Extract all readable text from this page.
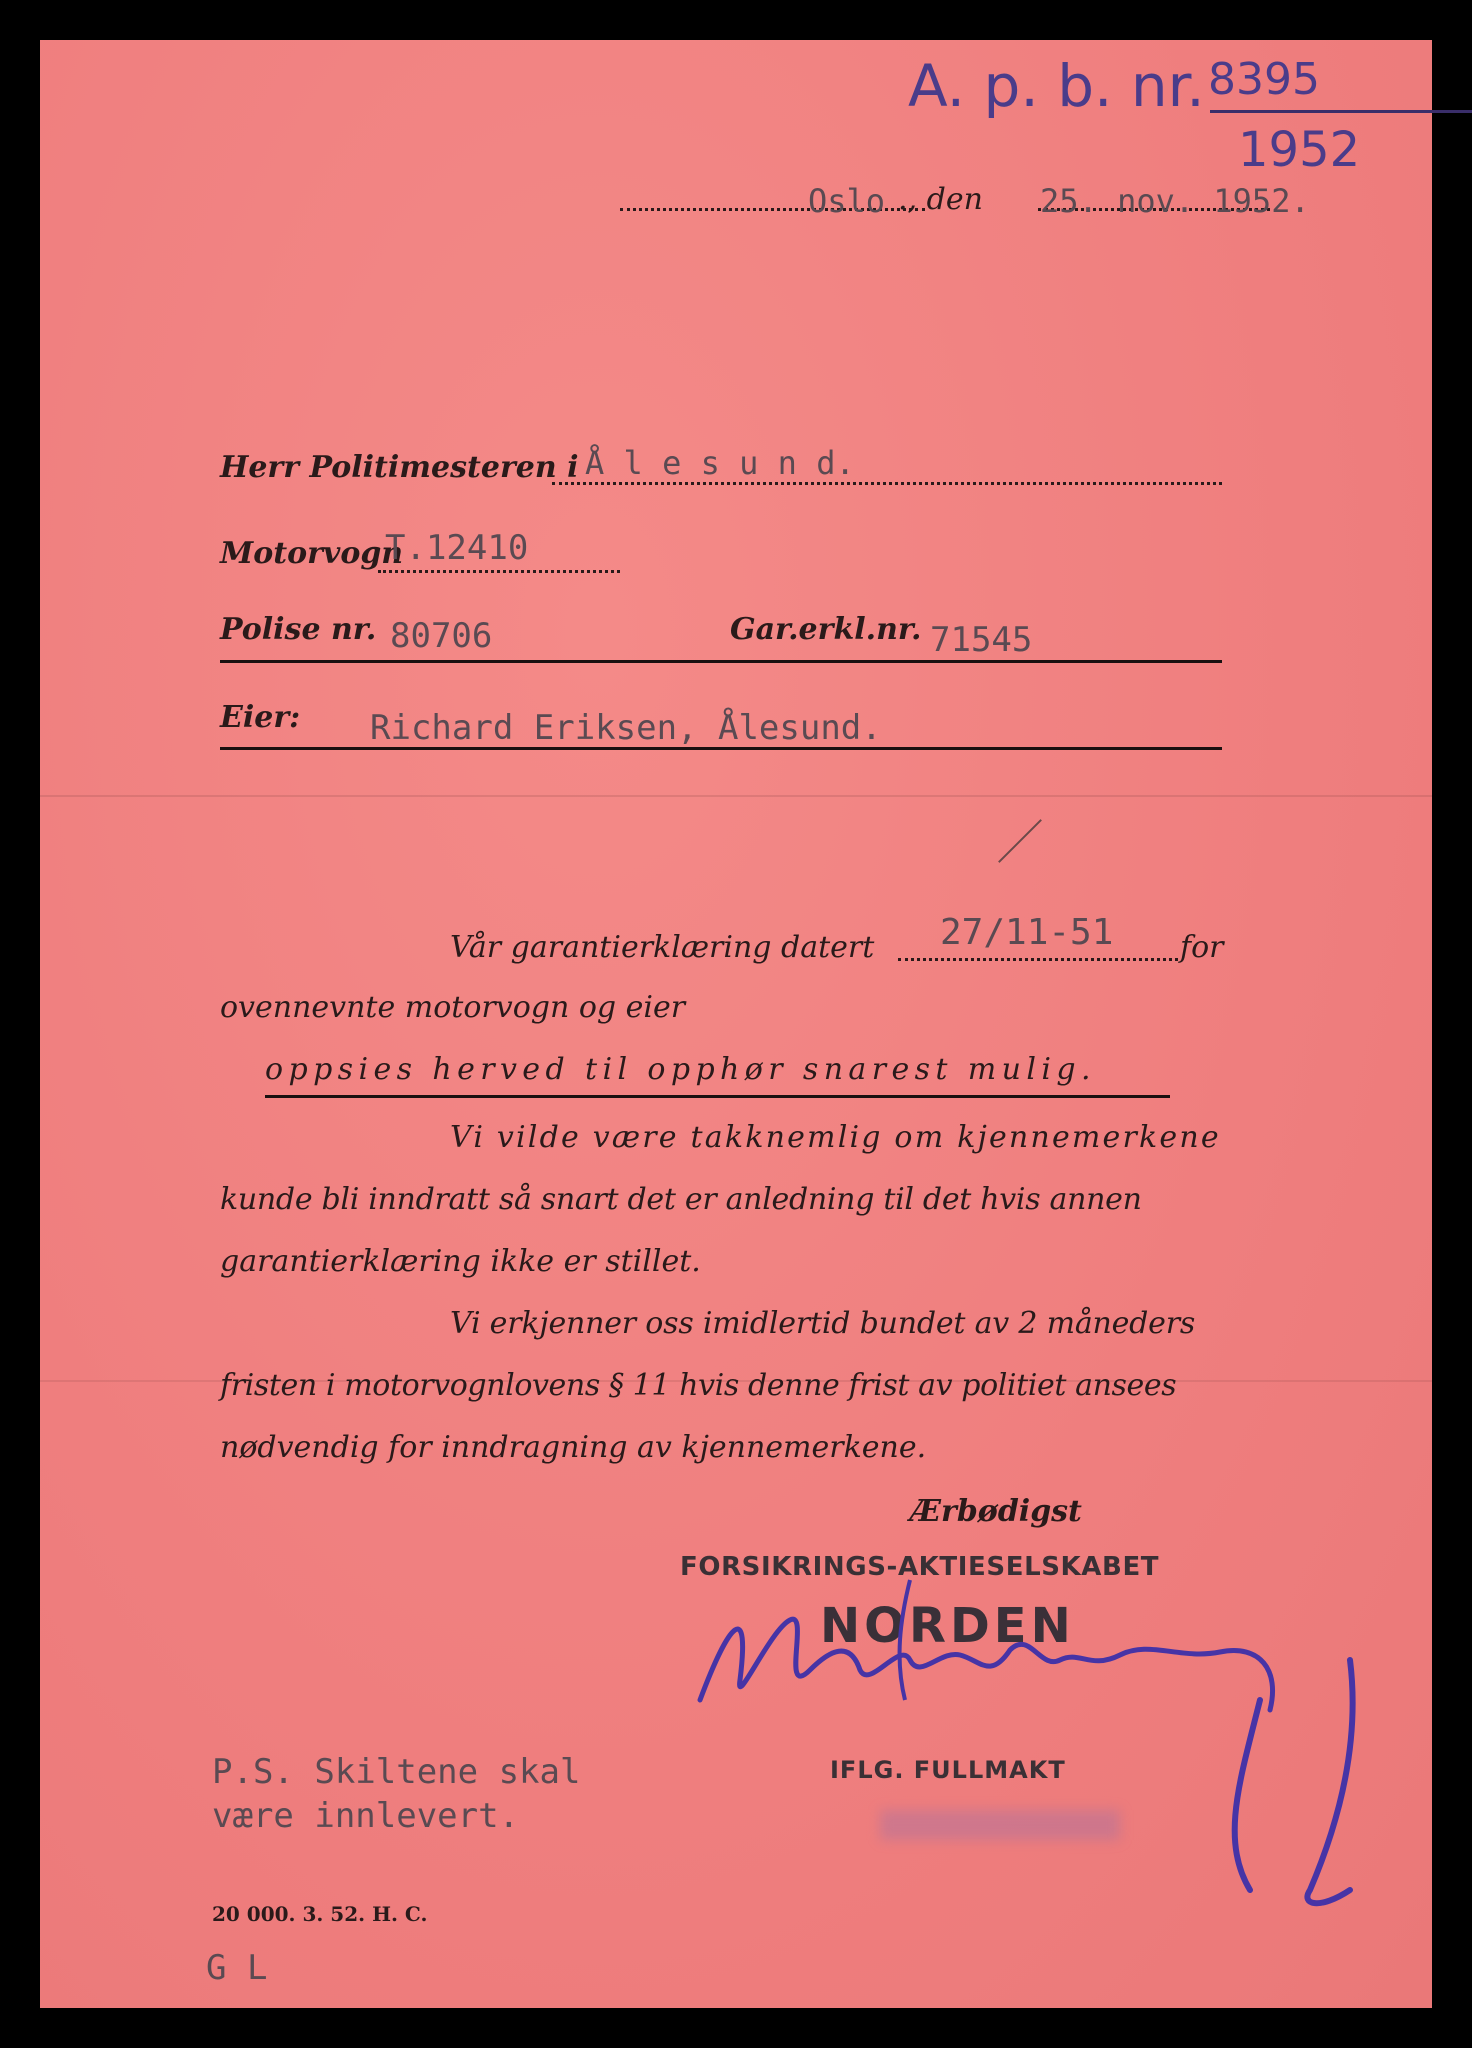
A. p. b. nr. 8395
1952
Oslo ., den 25. nov. 1952.
Herr Politimesteren i Å l e s u n d.
Motorvogn
T.12410
Polise nr. 80706	Gar.erkl.nr. 71545
Eier: Richard Eriksen, Ålesund.
Vår garantierklæring datert 27/11-51 for
ovennevnte motorvogn og eier
oppsies herved til opphør snarest mulig.
Vi vilde være takknemlig om kjennemerkene
kunde bli inndratt så snart det er anledning til det hvis annen
garantierklæring ikke er stillet.
Vi erkjenner oss imidlertid bundet av 2 måneders
fristen i motorvognlovens § 11 hvis denne frist av politiet ansees
nødvendig for inndragning av kjennemerkene.
Ærbødigst
FORSIKRINGS-AKTIESELSKABET
NORDEN
IFLG. FULLMAKT
P.S. Skiltene skal
være innlevert.
20 000. 3. 52. H. C.
G L
